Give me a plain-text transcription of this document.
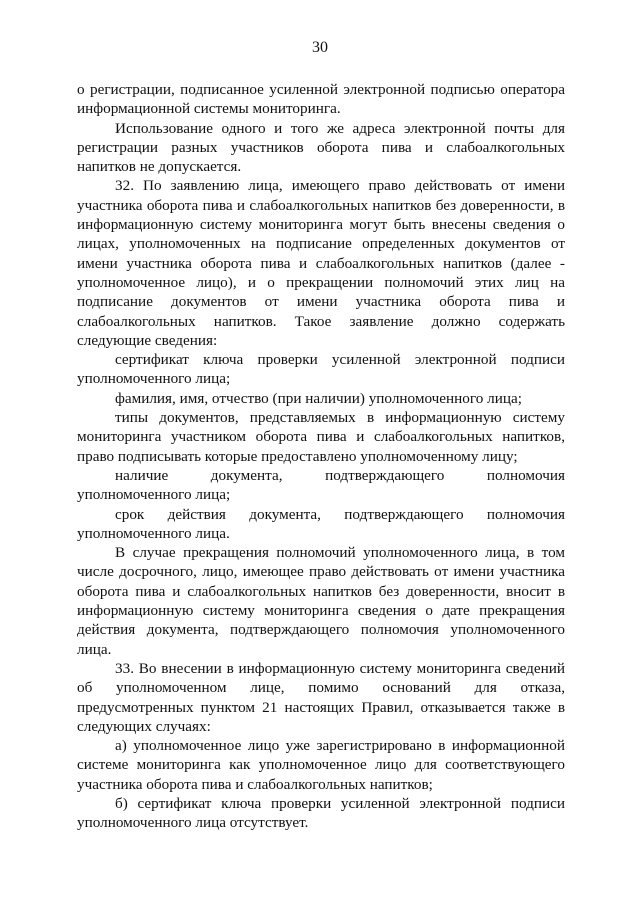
30

о регистрации, подписанное усиленной электронной подписью оператора информационной системы мониторинга.

Использование одного и того же адреса электронной почты для регистрации разных участников оборота пива и слабоалкогольных напитков не допускается.

32. По заявлению лица, имеющего право действовать от имени участника оборота пива и слабоалкогольных напитков без доверенности, в информационную систему мониторинга могут быть внесены сведения о лицах, уполномоченных на подписание определенных документов от имени участника оборота пива и слабоалкогольных напитков (далее - уполномоченное лицо), и о прекращении полномочий этих лиц на подписание документов от имени участника оборота пива и слабоалкогольных напитков. Такое заявление должно содержать следующие сведения:

сертификат ключа проверки усиленной электронной подписи уполномоченного лица;

фамилия, имя, отчество (при наличии) уполномоченного лица;

типы документов, представляемых в информационную систему мониторинга участником оборота пива и слабоалкогольных напитков, право подписывать которые предоставлено уполномоченному лицу;

наличие документа, подтверждающего полномочия уполномоченного лица;

срок действия документа, подтверждающего полномочия уполномоченного лица.

В случае прекращения полномочий уполномоченного лица, в том числе досрочного, лицо, имеющее право действовать от имени участника оборота пива и слабоалкогольных напитков без доверенности, вносит в информационную систему мониторинга сведения о дате прекращения действия документа, подтверждающего полномочия уполномоченного лица.

33. Во внесении в информационную систему мониторинга сведений об уполномоченном лице, помимо оснований для отказа, предусмотренных пунктом 21 настоящих Правил, отказывается также в следующих случаях:

а) уполномоченное лицо уже зарегистрировано в информационной системе мониторинга как уполномоченное лицо для соответствующего участника оборота пива и слабоалкогольных напитков;

б) сертификат ключа проверки усиленной электронной подписи уполномоченного лица отсутствует.
